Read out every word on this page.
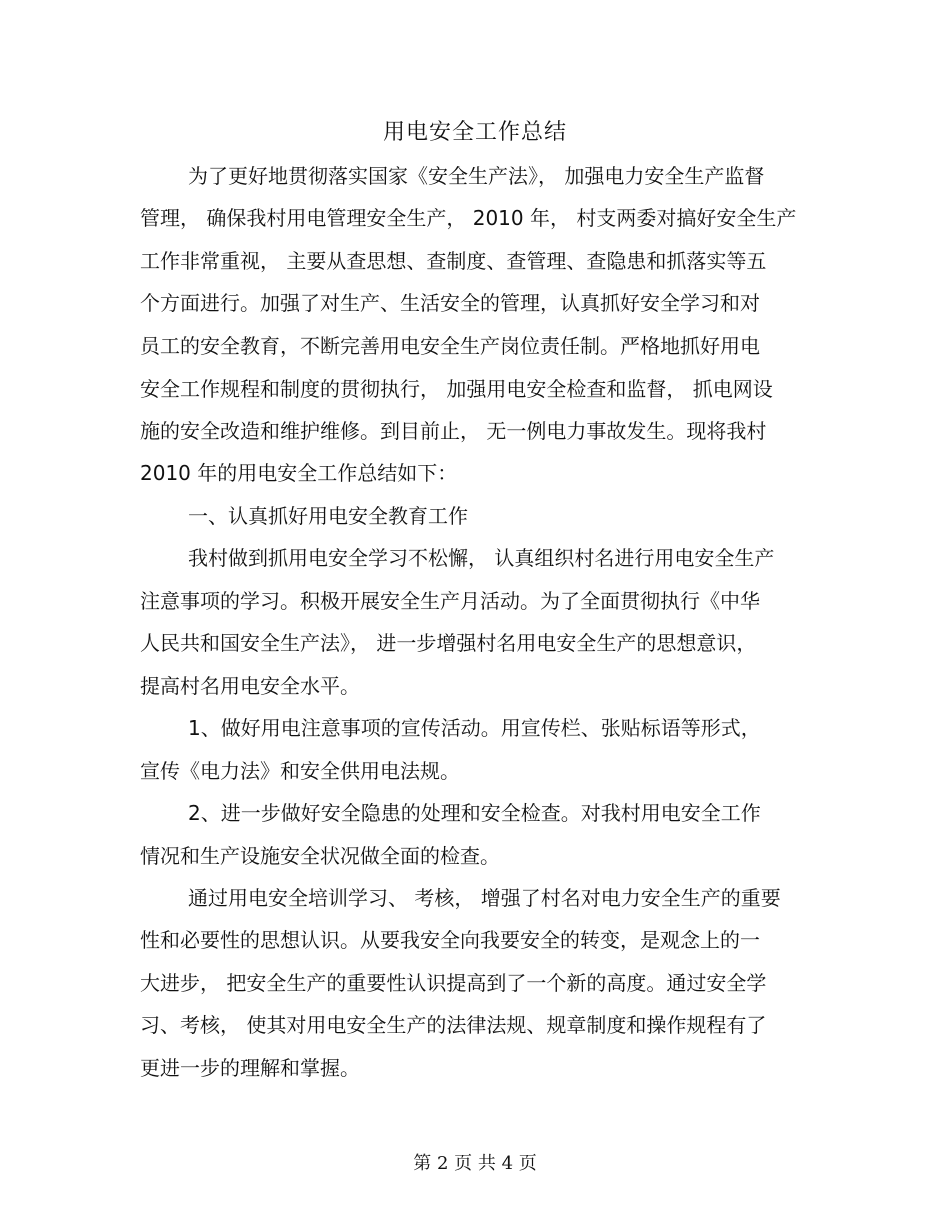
用电安全工作总结
为了更好地贯彻落实国家《安全生产法》， 加强电力安全生产监督
管理， 确保我村用电管理安全生产， 2010 年， 村支两委对搞好安全生产
工作非常重视， 主要从查思想、查制度、查管理、查隐患和抓落实等五
个方面进行。加强了对生产、生活安全的管理，认真抓好安全学习和对
员工的安全教育，不断完善用电安全生产岗位责任制。严格地抓好用电
安全工作规程和制度的贯彻执行， 加强用电安全检查和监督， 抓电网设
施的安全改造和维护维修。到目前止， 无一例电力事故发生。现将我村
2010 年的用电安全工作总结如下：
一、认真抓好用电安全教育工作
我村做到抓用电安全学习不松懈， 认真组织村名进行用电安全生产
注意事项的学习。积极开展安全生产月活动。为了全面贯彻执行《中华
人民共和国安全生产法》， 进一步增强村名用电安全生产的思想意识，
提高村名用电安全水平。
1、做好用电注意事项的宣传活动。用宣传栏、张贴标语等形式，
宣传《电力法》和安全供用电法规。
2、进一步做好安全隐患的处理和安全检查。对我村用电安全工作
情况和生产设施安全状况做全面的检查。
通过用电安全培训学习、 考核， 增强了村名对电力安全生产的重要
性和必要性的思想认识。从要我安全向我要安全的转变，是观念上的一
大进步， 把安全生产的重要性认识提高到了一个新的高度。通过安全学
习、考核， 使其对用电安全生产的法律法规、规章制度和操作规程有了
更进一步的理解和掌握。
第 2 页 共 4 页
